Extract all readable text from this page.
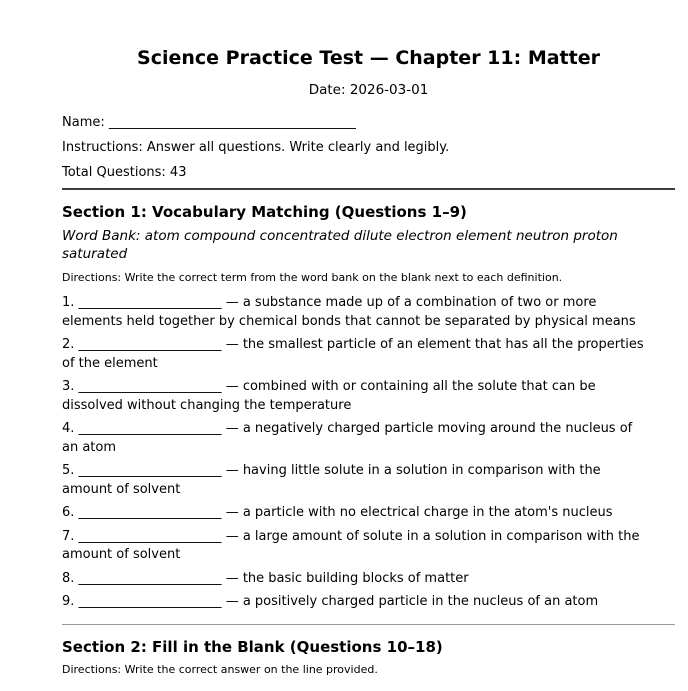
Science Practice Test — Chapter 11: Matter

Date: 2026-03-01

Name: ______________________________________

Instructions: Answer all questions. Write clearly and legibly.

Total Questions: 43

Section 1: Vocabulary Matching (Questions 1–9)

Word Bank: atom compound concentrated dilute electron element neutron proton saturated

Directions: Write the correct term from the word bank on the blank next to each definition.

1. ______________________ — a substance made up of a combination of two or more elements held together by chemical bonds that cannot be separated by physical means

2. ______________________ — the smallest particle of an element that has all the properties of the element

3. ______________________ — combined with or containing all the solute that can be dissolved without changing the temperature

4. ______________________ — a negatively charged particle moving around the nucleus of an atom

5. ______________________ — having little solute in a solution in comparison with the amount of solvent

6. ______________________ — a particle with no electrical charge in the atom's nucleus

7. ______________________ — a large amount of solute in a solution in comparison with the amount of solvent

8. ______________________ — the basic building blocks of matter

9. ______________________ — a positively charged particle in the nucleus of an atom

Section 2: Fill in the Blank (Questions 10–18)

Directions: Write the correct answer on the line provided.
